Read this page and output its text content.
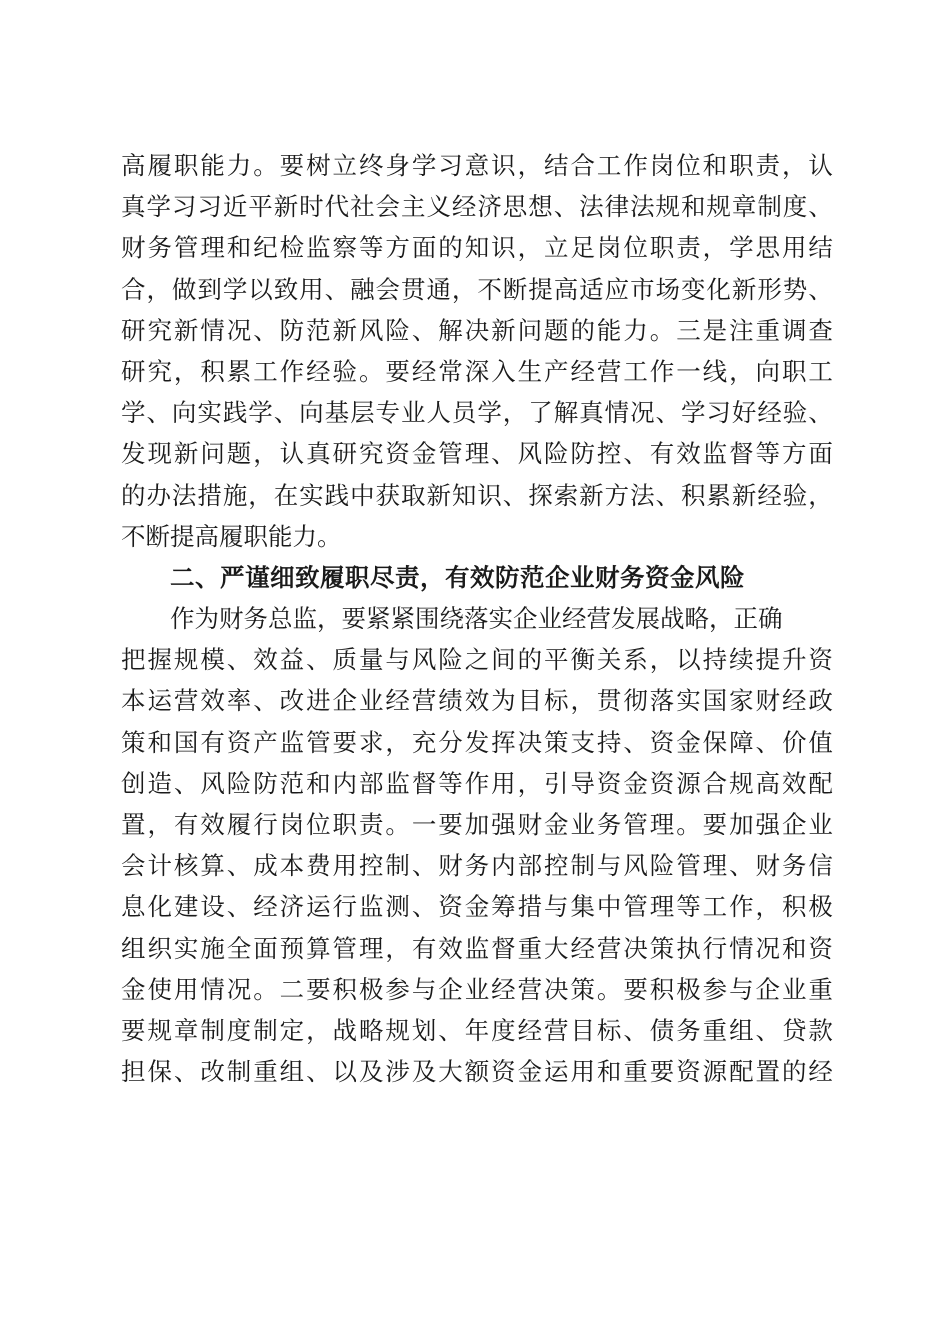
高 履 职 能 力 。 要 树 立 终 身 学 习 意 识 ， 结 合 工 作 岗 位 和 职 责 ， 认
真 学 习 习 近 平 新 时 代 社 会 主 义 经 济 思 想 、 法 律 法 规 和 规 章 制 度 、
财 务 管 理 和 纪 检 监 察 等 方 面 的 知 识 ， 立 足 岗 位 职 责 ， 学 思 用 结
合 ， 做 到 学 以 致 用 、 融 会 贯 通 ， 不 断 提 高 适 应 市 场 变 化 新 形 势 、
研 究 新 情 况 、 防 范 新 风 险 、 解 决 新 问 题 的 能 力 。 三 是 注 重 调 查
研 究 ， 积 累 工 作 经 验 。 要 经 常 深 入 生 产 经 营 工 作 一 线 ， 向 职 工
学 、 向 实 践 学 、 向 基 层 专 业 人 员 学 ， 了 解 真 情 况 、 学 习 好 经 验 、
发 现 新 问 题 ， 认 真 研 究 资 金 管 理 、 风 险 防 控 、 有 效 监 督 等 方 面
的 办 法 措 施 ， 在 实 践 中 获 取 新 知 识 、 探 索 新 方 法 、 积 累 新 经 验 ，
不断提高履职能力。
二、严谨细致履职尽责，有效防范企业财务资金风险
作为财务总监，要紧紧围绕落实企业经营发展战略，正确
把 握 规 模 、 效 益 、 质 量 与 风 险 之 间 的 平 衡 关 系 ， 以 持 续 提 升 资
本 运 营 效 率 、 改 进 企 业 经 营 绩 效 为 目 标 ， 贯 彻 落 实 国 家 财 经 政
策 和 国 有 资 产 监 管 要 求 ， 充 分 发 挥 决 策 支 持 、 资 金 保 障 、 价 值
创 造 、 风 险 防 范 和 内 部 监 督 等 作 用 ， 引 导 资 金 资 源 合 规 高 效 配
置 ， 有 效 履 行 岗 位 职 责 。 一 要 加 强 财 金 业 务 管 理 。 要 加 强 企 业
会 计 核 算 、 成 本 费 用 控 制 、 财 务 内 部 控 制 与 风 险 管 理 、 财 务 信
息 化 建 设 、 经 济 运 行 监 测 、 资 金 筹 措 与 集 中 管 理 等 工 作 ， 积 极
组 织 实 施 全 面 预 算 管 理 ， 有 效 监 督 重 大 经 营 决 策 执 行 情 况 和 资
金 使 用 情 况 。 二 要 积 极 参 与 企 业 经 营 决 策 。 要 积 极 参 与 企 业 重
要 规 章 制 度 制 定 ， 战 略 规 划 、 年 度 经 营 目 标 、 债 务 重 组 、 贷 款
担 保 、 改 制 重 组 、 以 及 涉 及 大 额 资 金 运 用 和 重 要 资 源 配 置 的 经
